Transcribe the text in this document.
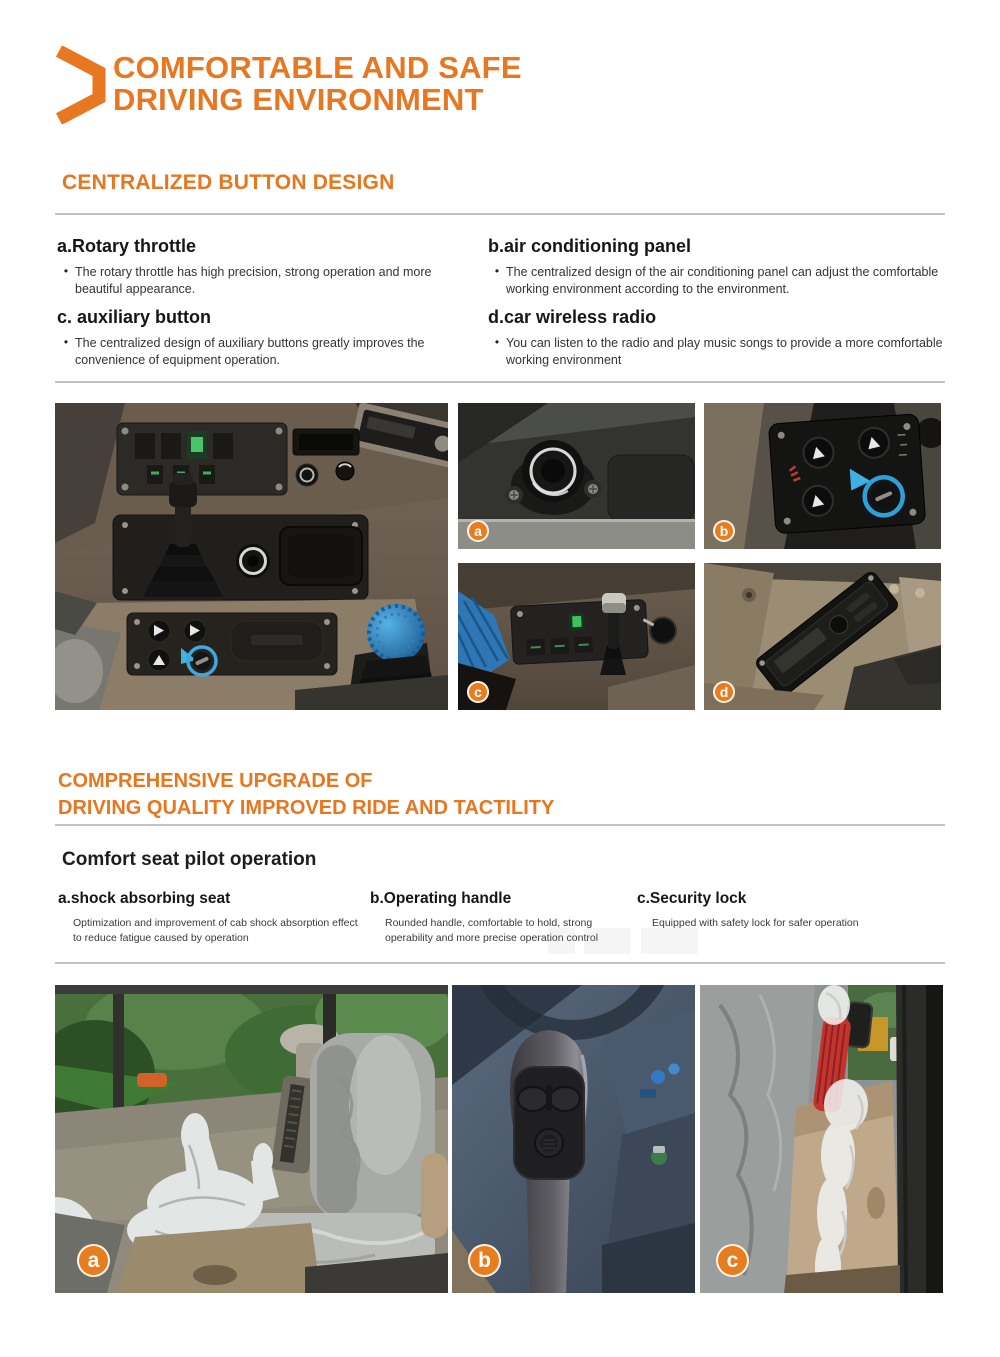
COMFORTABLE AND SAFE
DRIVING ENVIRONMENT
CENTRALIZED BUTTON DESIGN
a.Rotary throttle
• The rotary throttle has high precision, strong operation and more beautiful appearance.
b.air conditioning panel
• The centralized design of the air conditioning panel can adjust the comfortable working environment according to the environment.
c. auxiliary button
• The centralized design of auxiliary buttons greatly improves the convenience of equipment operation.
d.car wireless radio
• You can listen to the radio and play music songs to provide a more comfortable working environment
a	b
c	d
COMPREHENSIVE UPGRADE OF
DRIVING QUALITY IMPROVED RIDE AND TACTILITY
Comfort seat pilot operation
a.shock absorbing seat

Optimization and improvement of cab shock absorption effect to reduce fatigue caused by operation

b.Operating handle

Rounded handle, comfortable to hold, strong operability and more precise operation control

c.Security lock

Equipped with safety lock for safer operation

a	b	c
